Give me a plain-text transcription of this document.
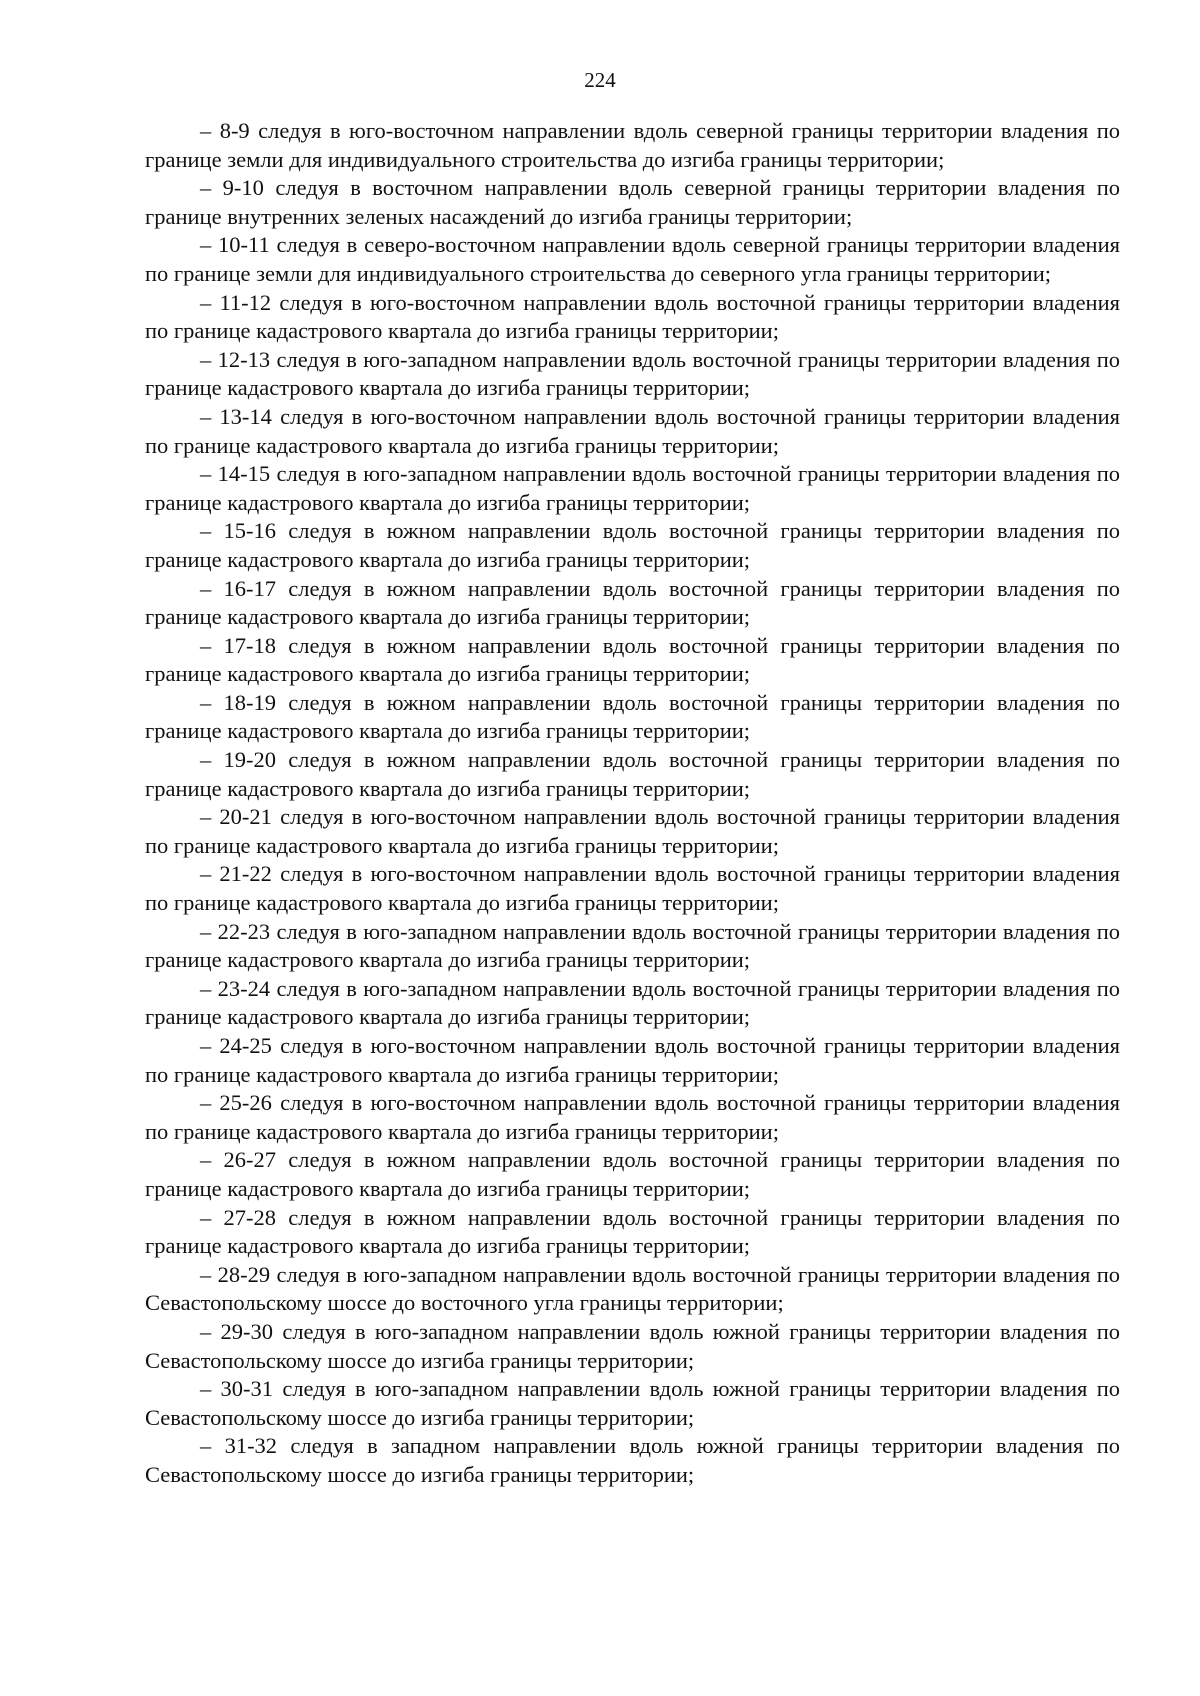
224

– 8-9 следуя в юго-восточном направлении вдоль северной границы территории владения по границе земли для индивидуального строительства до изгиба границы территории;

– 9-10 следуя в восточном направлении вдоль северной границы территории владения по границе внутренних зеленых насаждений до изгиба границы территории;

– 10-11 следуя в северо-восточном направлении вдоль северной границы территории владения по границе земли для индивидуального строительства до северного угла границы территории;

– 11-12 следуя в юго-восточном направлении вдоль восточной границы территории владения по границе кадастрового квартала до изгиба границы территории;

– 12-13 следуя в юго-западном направлении вдоль восточной границы территории владения по границе кадастрового квартала до изгиба границы территории;

– 13-14 следуя в юго-восточном направлении вдоль восточной границы территории владения по границе кадастрового квартала до изгиба границы территории;

– 14-15 следуя в юго-западном направлении вдоль восточной границы территории владения по границе кадастрового квартала до изгиба границы территории;

– 15-16 следуя в южном направлении вдоль восточной границы территории владения по границе кадастрового квартала до изгиба границы территории;

– 16-17 следуя в южном направлении вдоль восточной границы территории владения по границе кадастрового квартала до изгиба границы территории;

– 17-18 следуя в южном направлении вдоль восточной границы территории владения по границе кадастрового квартала до изгиба границы территории;

– 18-19 следуя в южном направлении вдоль восточной границы территории владения по границе кадастрового квартала до изгиба границы территории;

– 19-20 следуя в южном направлении вдоль восточной границы территории владения по границе кадастрового квартала до изгиба границы территории;

– 20-21 следуя в юго-восточном направлении вдоль восточной границы территории владения по границе кадастрового квартала до изгиба границы территории;

– 21-22 следуя в юго-восточном направлении вдоль восточной границы территории владения по границе кадастрового квартала до изгиба границы территории;

– 22-23 следуя в юго-западном направлении вдоль восточной границы территории владения по границе кадастрового квартала до изгиба границы территории;

– 23-24 следуя в юго-западном направлении вдоль восточной границы территории владения по границе кадастрового квартала до изгиба границы территории;

– 24-25 следуя в юго-восточном направлении вдоль восточной границы территории владения по границе кадастрового квартала до изгиба границы территории;

– 25-26 следуя в юго-восточном направлении вдоль восточной границы территории владения по границе кадастрового квартала до изгиба границы территории;

– 26-27 следуя в южном направлении вдоль восточной границы территории владения по границе кадастрового квартала до изгиба границы территории;

– 27-28 следуя в южном направлении вдоль восточной границы территории владения по границе кадастрового квартала до изгиба границы территории;

– 28-29 следуя в юго-западном направлении вдоль восточной границы территории владения по Севастопольскому шоссе до восточного угла границы территории;

– 29-30 следуя в юго-западном направлении вдоль южной границы территории владения по Севастопольскому шоссе до изгиба границы территории;

– 30-31 следуя в юго-западном направлении вдоль южной границы территории владения по Севастопольскому шоссе до изгиба границы территории;

– 31-32 следуя в западном направлении вдоль южной границы территории владения по Севастопольскому шоссе до изгиба границы территории;
